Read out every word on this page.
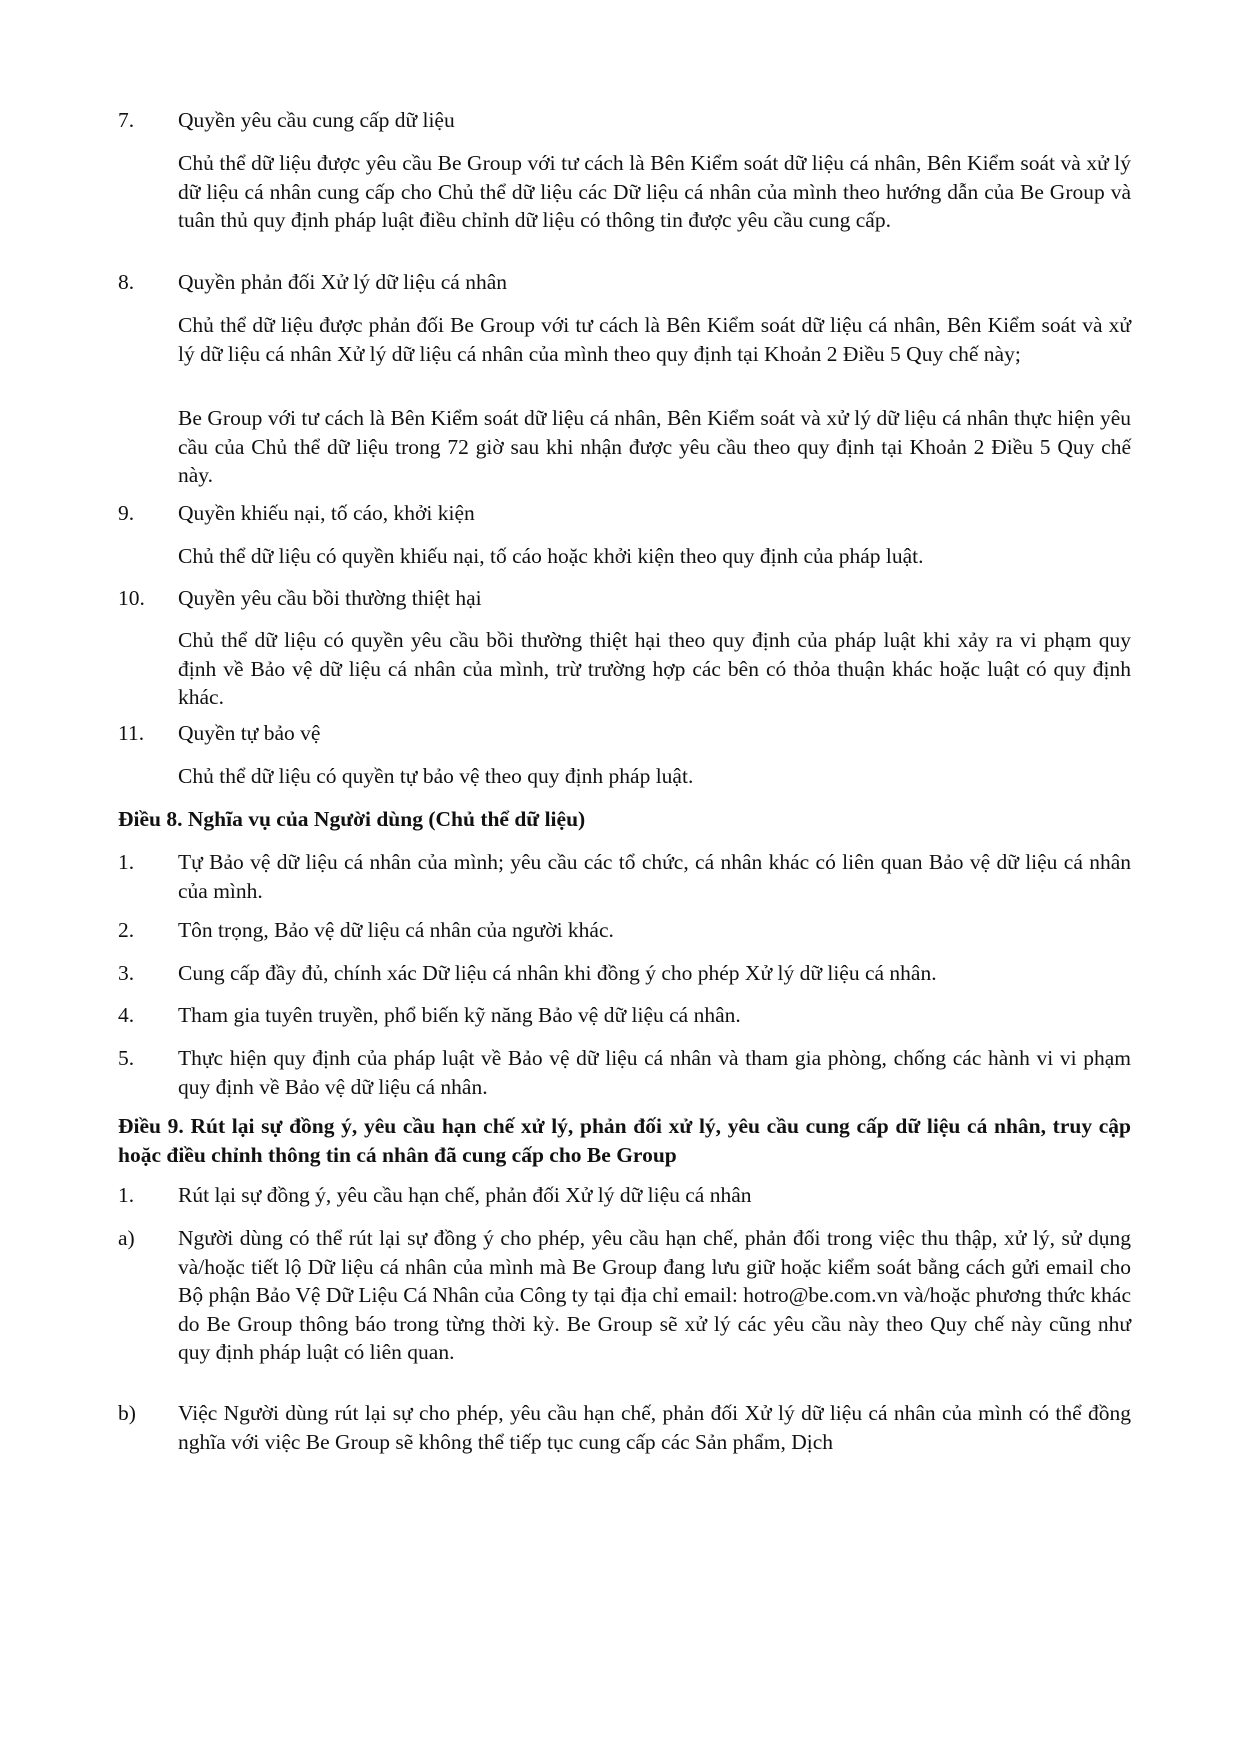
7. Quyền yêu cầu cung cấp dữ liệu
Chủ thể dữ liệu được yêu cầu Be Group với tư cách là Bên Kiểm soát dữ liệu cá nhân, Bên Kiểm soát và xử lý dữ liệu cá nhân cung cấp cho Chủ thể dữ liệu các Dữ liệu cá nhân của mình theo hướng dẫn của Be Group và tuân thủ quy định pháp luật điều chỉnh dữ liệu có thông tin được yêu cầu cung cấp.
8. Quyền phản đối Xử lý dữ liệu cá nhân
Chủ thể dữ liệu được phản đối Be Group với tư cách là Bên Kiểm soát dữ liệu cá nhân, Bên Kiểm soát và xử lý dữ liệu cá nhân Xử lý dữ liệu cá nhân của mình theo quy định tại Khoản 2 Điều 5 Quy chế này;
Be Group với tư cách là Bên Kiểm soát dữ liệu cá nhân, Bên Kiểm soát và xử lý dữ liệu cá nhân thực hiện yêu cầu của Chủ thể dữ liệu trong 72 giờ sau khi nhận được yêu cầu theo quy định tại Khoản 2 Điều 5 Quy chế này.
9. Quyền khiếu nại, tố cáo, khởi kiện
Chủ thể dữ liệu có quyền khiếu nại, tố cáo hoặc khởi kiện theo quy định của pháp luật.
10. Quyền yêu cầu bồi thường thiệt hại
Chủ thể dữ liệu có quyền yêu cầu bồi thường thiệt hại theo quy định của pháp luật khi xảy ra vi phạm quy định về Bảo vệ dữ liệu cá nhân của mình, trừ trường hợp các bên có thỏa thuận khác hoặc luật có quy định khác.
11. Quyền tự bảo vệ
Chủ thể dữ liệu có quyền tự bảo vệ theo quy định pháp luật.
Điều 8. Nghĩa vụ của Người dùng (Chủ thể dữ liệu)
1. Tự Bảo vệ dữ liệu cá nhân của mình; yêu cầu các tổ chức, cá nhân khác có liên quan Bảo vệ dữ liệu cá nhân của mình.
2. Tôn trọng, Bảo vệ dữ liệu cá nhân của người khác.
3. Cung cấp đầy đủ, chính xác Dữ liệu cá nhân khi đồng ý cho phép Xử lý dữ liệu cá nhân.
4. Tham gia tuyên truyền, phổ biến kỹ năng Bảo vệ dữ liệu cá nhân.
5. Thực hiện quy định của pháp luật về Bảo vệ dữ liệu cá nhân và tham gia phòng, chống các hành vi vi phạm quy định về Bảo vệ dữ liệu cá nhân.
Điều 9. Rút lại sự đồng ý, yêu cầu hạn chế xử lý, phản đối xử lý, yêu cầu cung cấp dữ liệu cá nhân, truy cập hoặc điều chỉnh thông tin cá nhân đã cung cấp cho Be Group
1. Rút lại sự đồng ý, yêu cầu hạn chế, phản đối Xử lý dữ liệu cá nhân
a) Người dùng có thể rút lại sự đồng ý cho phép, yêu cầu hạn chế, phản đối trong việc thu thập, xử lý, sử dụng và/hoặc tiết lộ Dữ liệu cá nhân của mình mà Be Group đang lưu giữ hoặc kiểm soát bằng cách gửi email cho Bộ phận Bảo Vệ Dữ Liệu Cá Nhân của Công ty tại địa chỉ email: hotro@be.com.vn và/hoặc phương thức khác do Be Group thông báo trong từng thời kỳ. Be Group sẽ xử lý các yêu cầu này theo Quy chế này cũng như quy định pháp luật có liên quan.
b) Việc Người dùng rút lại sự cho phép, yêu cầu hạn chế, phản đối Xử lý dữ liệu cá nhân của mình có thể đồng nghĩa với việc Be Group sẽ không thể tiếp tục cung cấp các Sản phẩm, Dịch
